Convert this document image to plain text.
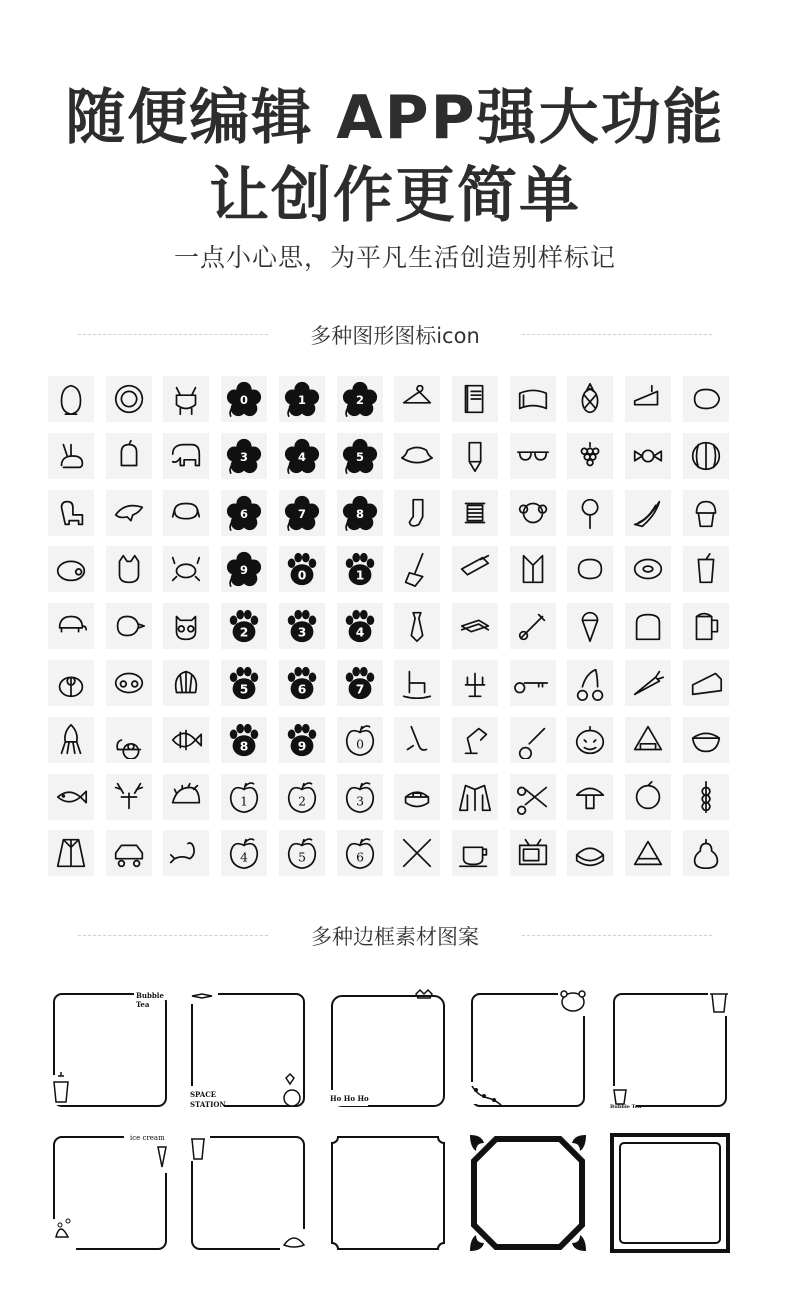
随便编辑 APP强大功能
让创作更简单
一点小心思，为平凡生活创造别样标记
多种图形图标icon
0	1	2
3	4	5
6	7	8
9	0	1
2	3	4
5	6	7
8	9	0
1	2	3
4	5	6
多种边框素材图案
Bubble Tea
SPACE
STATION
Ho Ho Ho
Bubble Tea
ice cream
